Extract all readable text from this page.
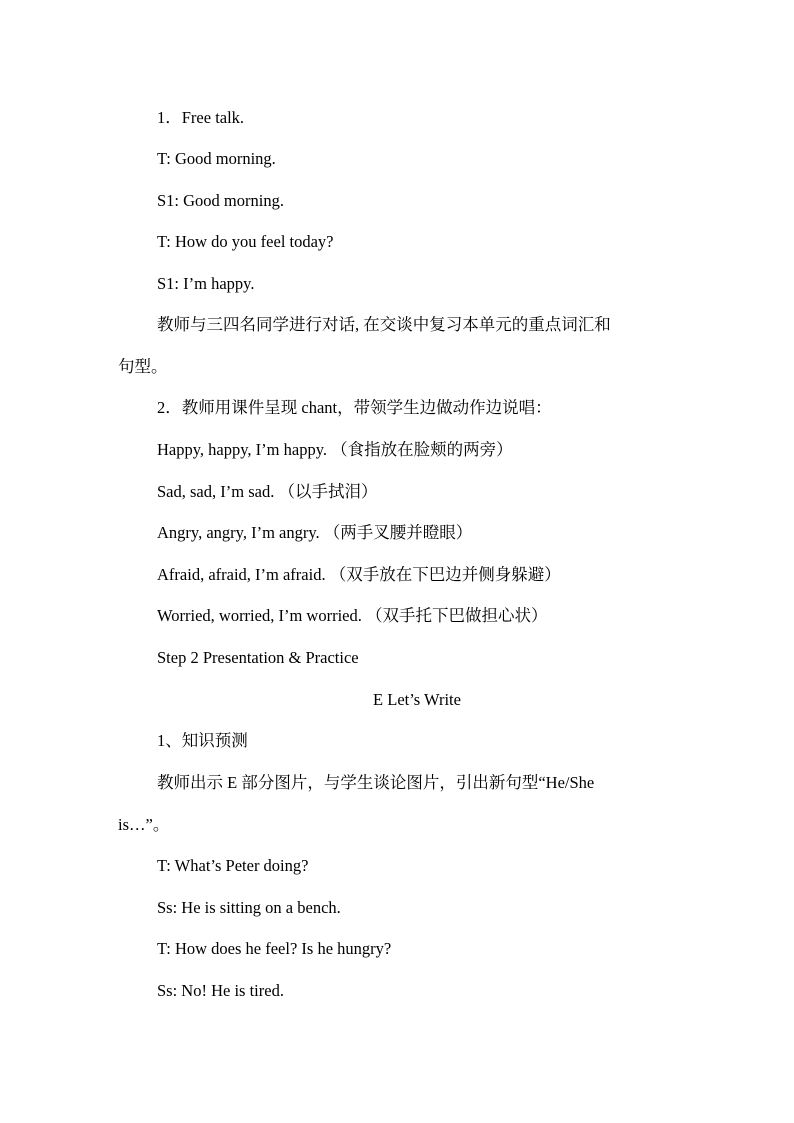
1．Free talk.
T: Good morning.
S1: Good morning.
T: How do you feel today?
S1: I’m happy.
教师与三四名同学进行对话, 在交谈中复习本单元的重点词汇和
句型。
2．教师用课件呈现 chant，带领学生边做动作边说唱：
Happy, happy, I’m happy. （食指放在脸颊的两旁）
Sad, sad, I’m sad. （以手拭泪）
Angry, angry, I’m angry. （两手叉腰并瞪眼）
Afraid, afraid, I’m afraid. （双手放在下巴边并侧身躲避）
Worried, worried, I’m worried. （双手托下巴做担心状）
Step 2 Presentation & Practice
E Let’s Write
1、知识预测
教师出示 E 部分图片，与学生谈论图片，引出新句型“He/She
is…”。
T: What’s Peter doing?
Ss: He is sitting on a bench.
T: How does he feel? Is he hungry?
Ss: No! He is tired.
